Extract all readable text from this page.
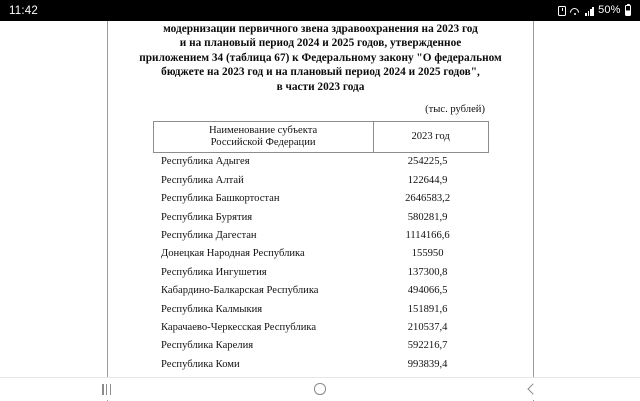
11:42	50%
модернизации первичного звена здравоохранения на 2023 год
и на плановый период 2024 и 2025 годов, утвержденное
приложением 34 (таблица 67) к Федеральному закону "О федеральном
бюджете на 2023 год и на плановый период 2024 и 2025 годов",
в части 2023 года
(тыс. рублей)
Наименование субъекта
Российской Федерации	2023 год
Республика Адыгея	254225,5
Республика Алтай	122644,9
Республика Башкортостан	2646583,2
Республика Бурятия	580281,9
Республика Дагестан	1114166,6
Донецкая Народная Республика	155950
Республика Ингушетия	137300,8
Кабардино-Балкарская Республика	494066,5
Республика Калмыкия	151891,6
Карачаево-Черкесская Республика	210537,4
Республика Карелия	592216,7
Республика Коми	993839,4
